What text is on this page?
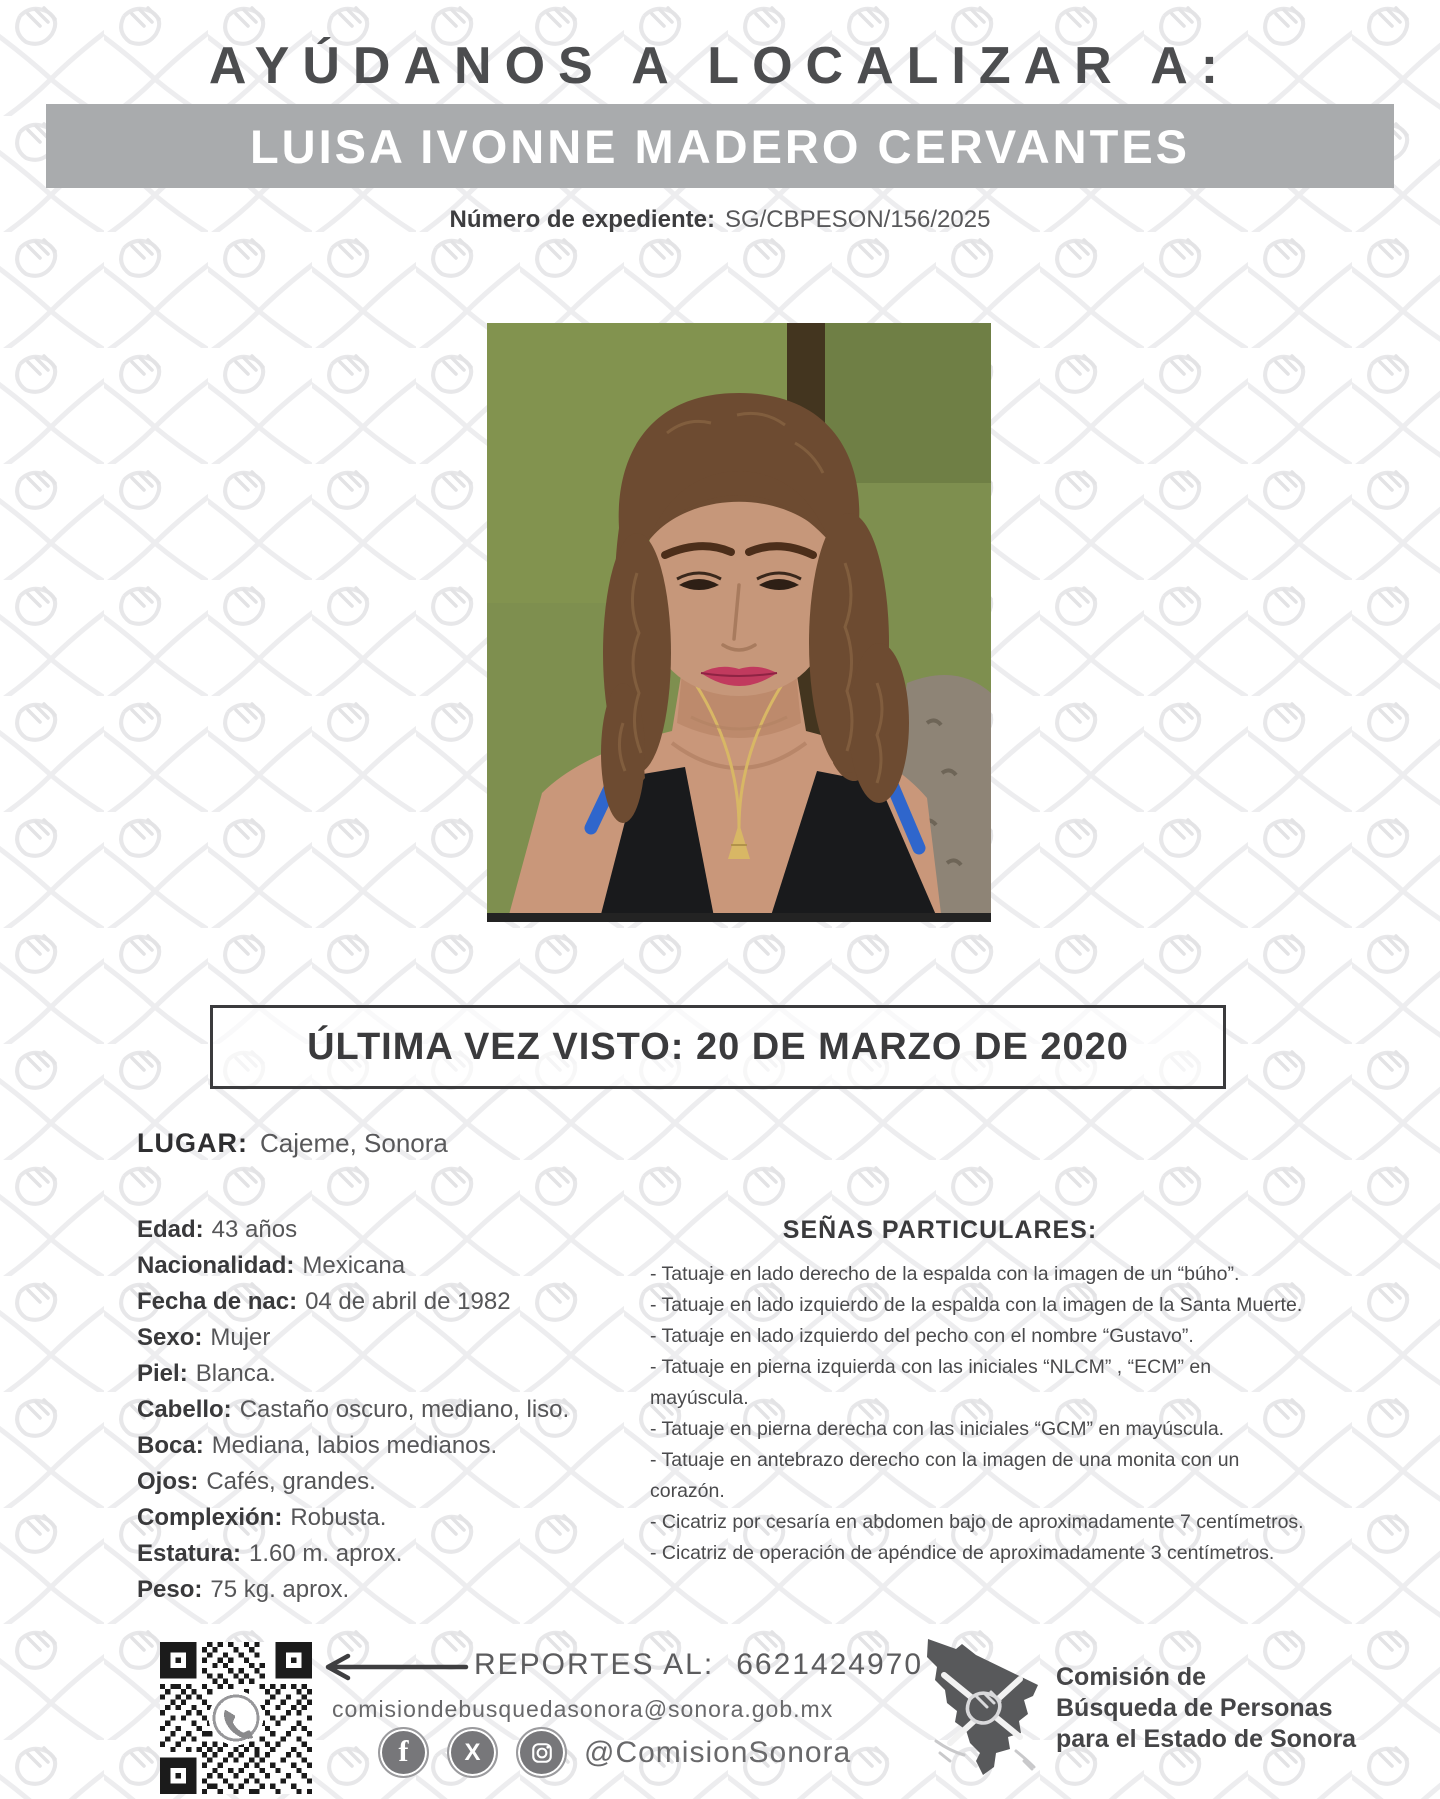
AYÚDANOS A LOCALIZAR A:
LUISA IVONNE MADERO CERVANTES
Número de expediente: SG/CBPESON/156/2025
ÚLTIMA VEZ VISTO: 20 DE MARZO DE 2020
LUGAR: Cajeme, Sonora
Edad: 43 años
Nacionalidad: Mexicana
Fecha de nac: 04 de abril de 1982
Sexo: Mujer
Piel: Blanca.
Cabello: Castaño oscuro, mediano, liso.
Boca: Mediana, labios medianos.
Ojos: Cafés, grandes.
Complexión: Robusta.
Estatura: 1.60 m. aprox.
Peso: 75 kg. aprox.
SEÑAS PARTICULARES:
- Tatuaje en lado derecho de la espalda con la imagen de un “búho”.
- Tatuaje en lado izquierdo de la espalda con la imagen de la Santa Muerte.
- Tatuaje en lado izquierdo del pecho con el nombre “Gustavo”.
- Tatuaje en pierna izquierda con las iniciales “NLCM” , “ECM” en
mayúscula.
- Tatuaje en pierna derecha con las iniciales “GCM” en mayúscula.
- Tatuaje en antebrazo derecho con la imagen de una monita con un
corazón.
- Cicatriz por cesaría en abdomen bajo de aproximadamente 7 centímetros.
- Cicatriz de operación de apéndice de aproximadamente 3 centímetros.
REPORTES AL: 6621424970
comisiondebusquedasonora@sonora.gob.mx
f X	@ComisionSonora
Comisión de
Búsqueda de Personas
para el Estado de Sonora
